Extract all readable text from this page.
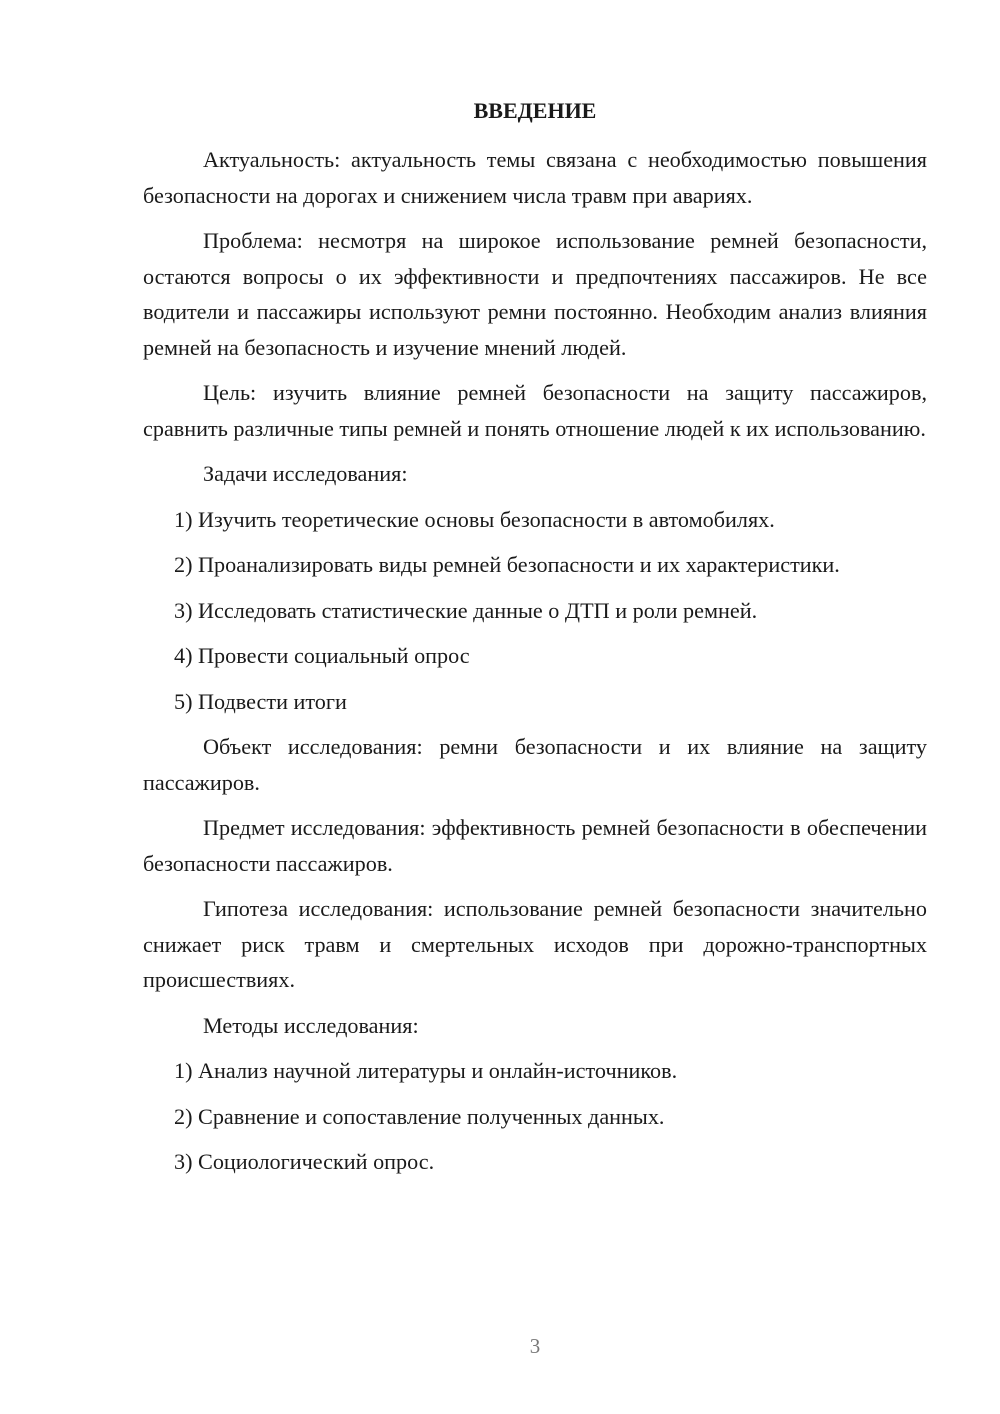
ВВЕДЕНИЕ

Актуальность: актуальность темы связана с необходимостью повышения безопасности на дорогах и снижением числа травм при авариях.

Проблема: несмотря на широкое использование ремней безопасности, остаются вопросы о их эффективности и предпочтениях пассажиров. Не все водители и пассажиры используют ремни постоянно. Необходим анализ влияния ремней на безопасность и изучение мнений людей.

Цель: изучить влияние ремней безопасности на защиту пассажиров, сравнить различные типы ремней и понять отношение людей к их использованию.

Задачи исследования:

1) Изучить теоретические основы безопасности в автомобилях.

2) Проанализировать виды ремней безопасности и их характеристики.

3) Исследовать статистические данные о ДТП и роли ремней.

4) Провести социальный опрос

5) Подвести итоги

Объект исследования: ремни безопасности и их влияние на защиту пассажиров.

Предмет исследования: эффективность ремней безопасности в обеспечении безопасности пассажиров.

Гипотеза исследования: использование ремней безопасности значительно снижает риск травм и смертельных исходов при дорожно-транспортных происшествиях.

Методы исследования:

1) Анализ научной литературы и онлайн-источников.

2) Сравнение и сопоставление полученных данных.

3) Социологический опрос.

3
